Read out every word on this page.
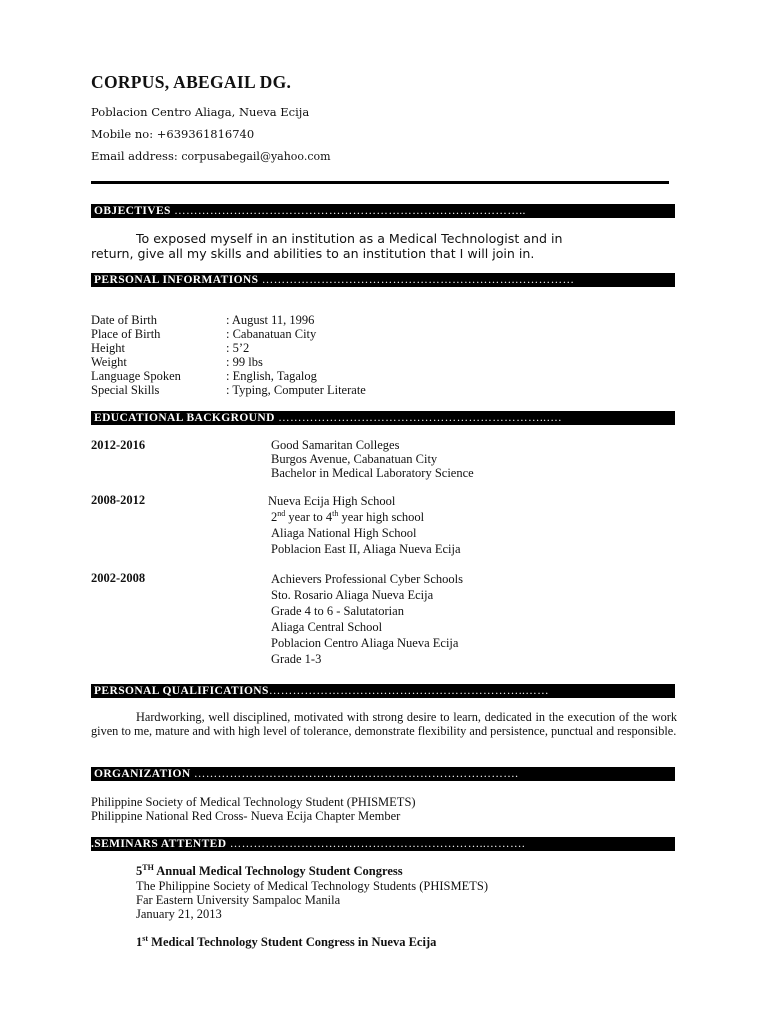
CORPUS, ABEGAIL DG.
Poblacion Centro Aliaga, Nueva Ecija
Mobile no: +639361816740
Email address: corpusabegail@yahoo.com
OBJECTIVES ……………………………………………………………………………..
To exposed myself in an institution as a Medical Technologist and in
return, give all my skills and abilities to an institution that I will join in.
PERSONAL INFORMATIONS ……………………………………………………….……………
Date of Birth	: August 11, 1996
Place of Birth	: Cabanatuan City
Height	: 5’2
Weight	: 99 lbs
Language Spoken	: English, Tagalog
Special Skills	: Typing, Computer Literate
EDUCATIONAL BACKGROUND …………………………………………………………..….
2012-2016	Good Samaritan Colleges
Burgos Avenue, Cabanatuan City
Bachelor in Medical Laboratory Science
2008-2012	Nueva Ecija High School
2nd year to 4th year high school
Aliaga National High School
Poblacion East II, Aliaga Nueva Ecija
2002-2008	Achievers Professional Cyber Schools
Sto. Rosario Aliaga Nueva Ecija
Grade 4 to 6 - Salutatorian
Aliaga Central School
Poblacion Centro Aliaga Nueva Ecija
Grade 1-3
PERSONAL QUALIFICATIONS………………………………………………………..……
Hardworking, well disciplined, motivated with strong desire to learn, dedicated in the execution of the work given to me, mature and with high level of tolerance, demonstrate flexibility and persistence, punctual and responsible.
ORGANIZATION ……………………………………………………………………….
Philippine Society of Medical Technology Student (PHISMETS)
Philippine National Red Cross- Nueva Ecija Chapter Member
.SEMINARS ATTENTED ………………………………………………………..……….
5TH Annual Medical Technology Student Congress
The Philippine Society of Medical Technology Students (PHISMETS)
Far Eastern University Sampaloc Manila
January 21, 2013
1st Medical Technology Student Congress in Nueva Ecija
